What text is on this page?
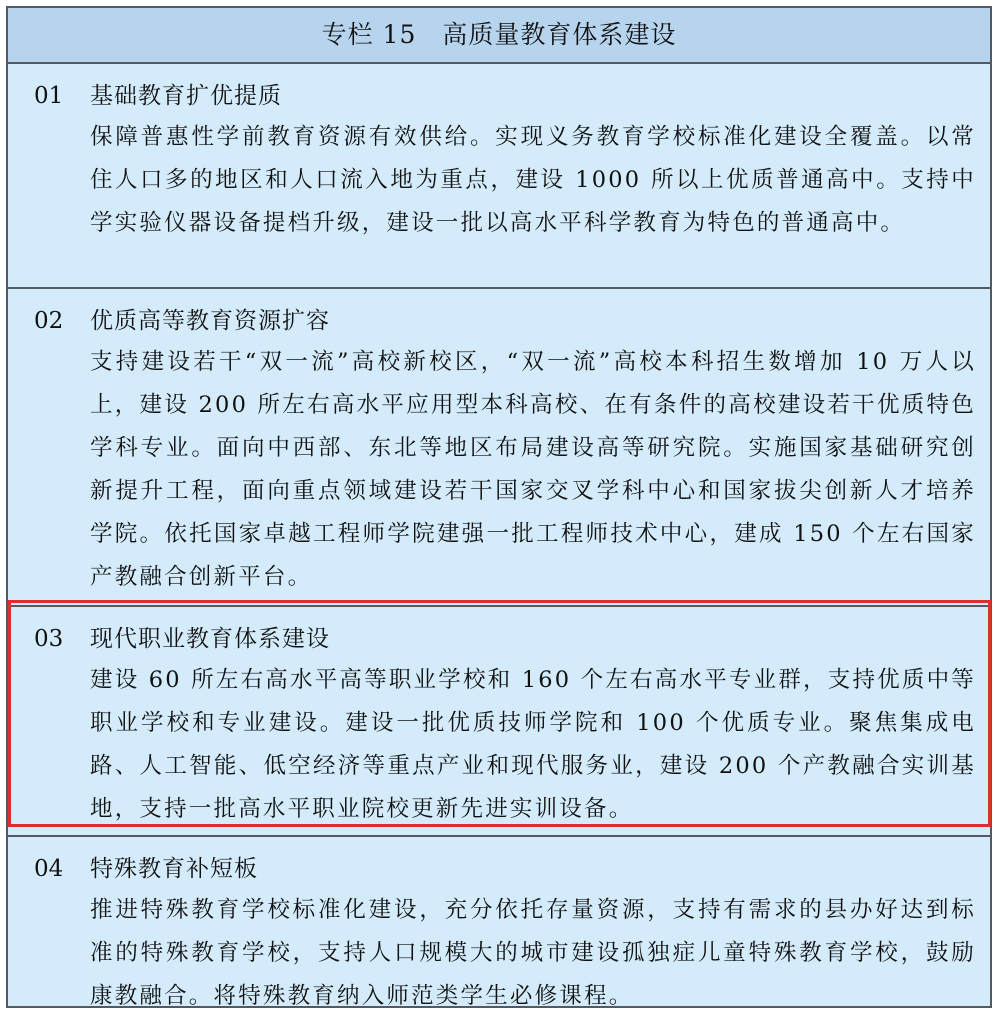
专栏 15　高质量教育体系建设
01	基础教育扩优提质
保障普惠性学前教育资源有效供给。实现义务教育学校标准化建设全覆盖。以常住人口多的地区和人口流入地为重点，建设 1000 所以上优质普通高中。支持中学实验仪器设备提档升级，建设一批以高水平科学教育为特色的普通高中。
02	优质高等教育资源扩容
支持建设若干“双一流”高校新校区，“双一流”高校本科招生数增加 10 万人以上，建设 200 所左右高水平应用型本科高校、在有条件的高校建设若干优质特色学科专业。面向中西部、东北等地区布局建设高等研究院。实施国家基础研究创新提升工程，面向重点领域建设若干国家交叉学科中心和国家拔尖创新人才培养学院。依托国家卓越工程师学院建强一批工程师技术中心，建成 150 个左右国家产教融合创新平台。
03	现代职业教育体系建设
建设 60 所左右高水平高等职业学校和 160 个左右高水平专业群，支持优质中等职业学校和专业建设。建设一批优质技师学院和 100 个优质专业。聚焦集成电路、人工智能、低空经济等重点产业和现代服务业，建设 200 个产教融合实训基地，支持一批高水平职业院校更新先进实训设备。
04	特殊教育补短板
推进特殊教育学校标准化建设，充分依托存量资源，支持有需求的县办好达到标准的特殊教育学校，支持人口规模大的城市建设孤独症儿童特殊教育学校，鼓励康教融合。将特殊教育纳入师范类学生必修课程。
